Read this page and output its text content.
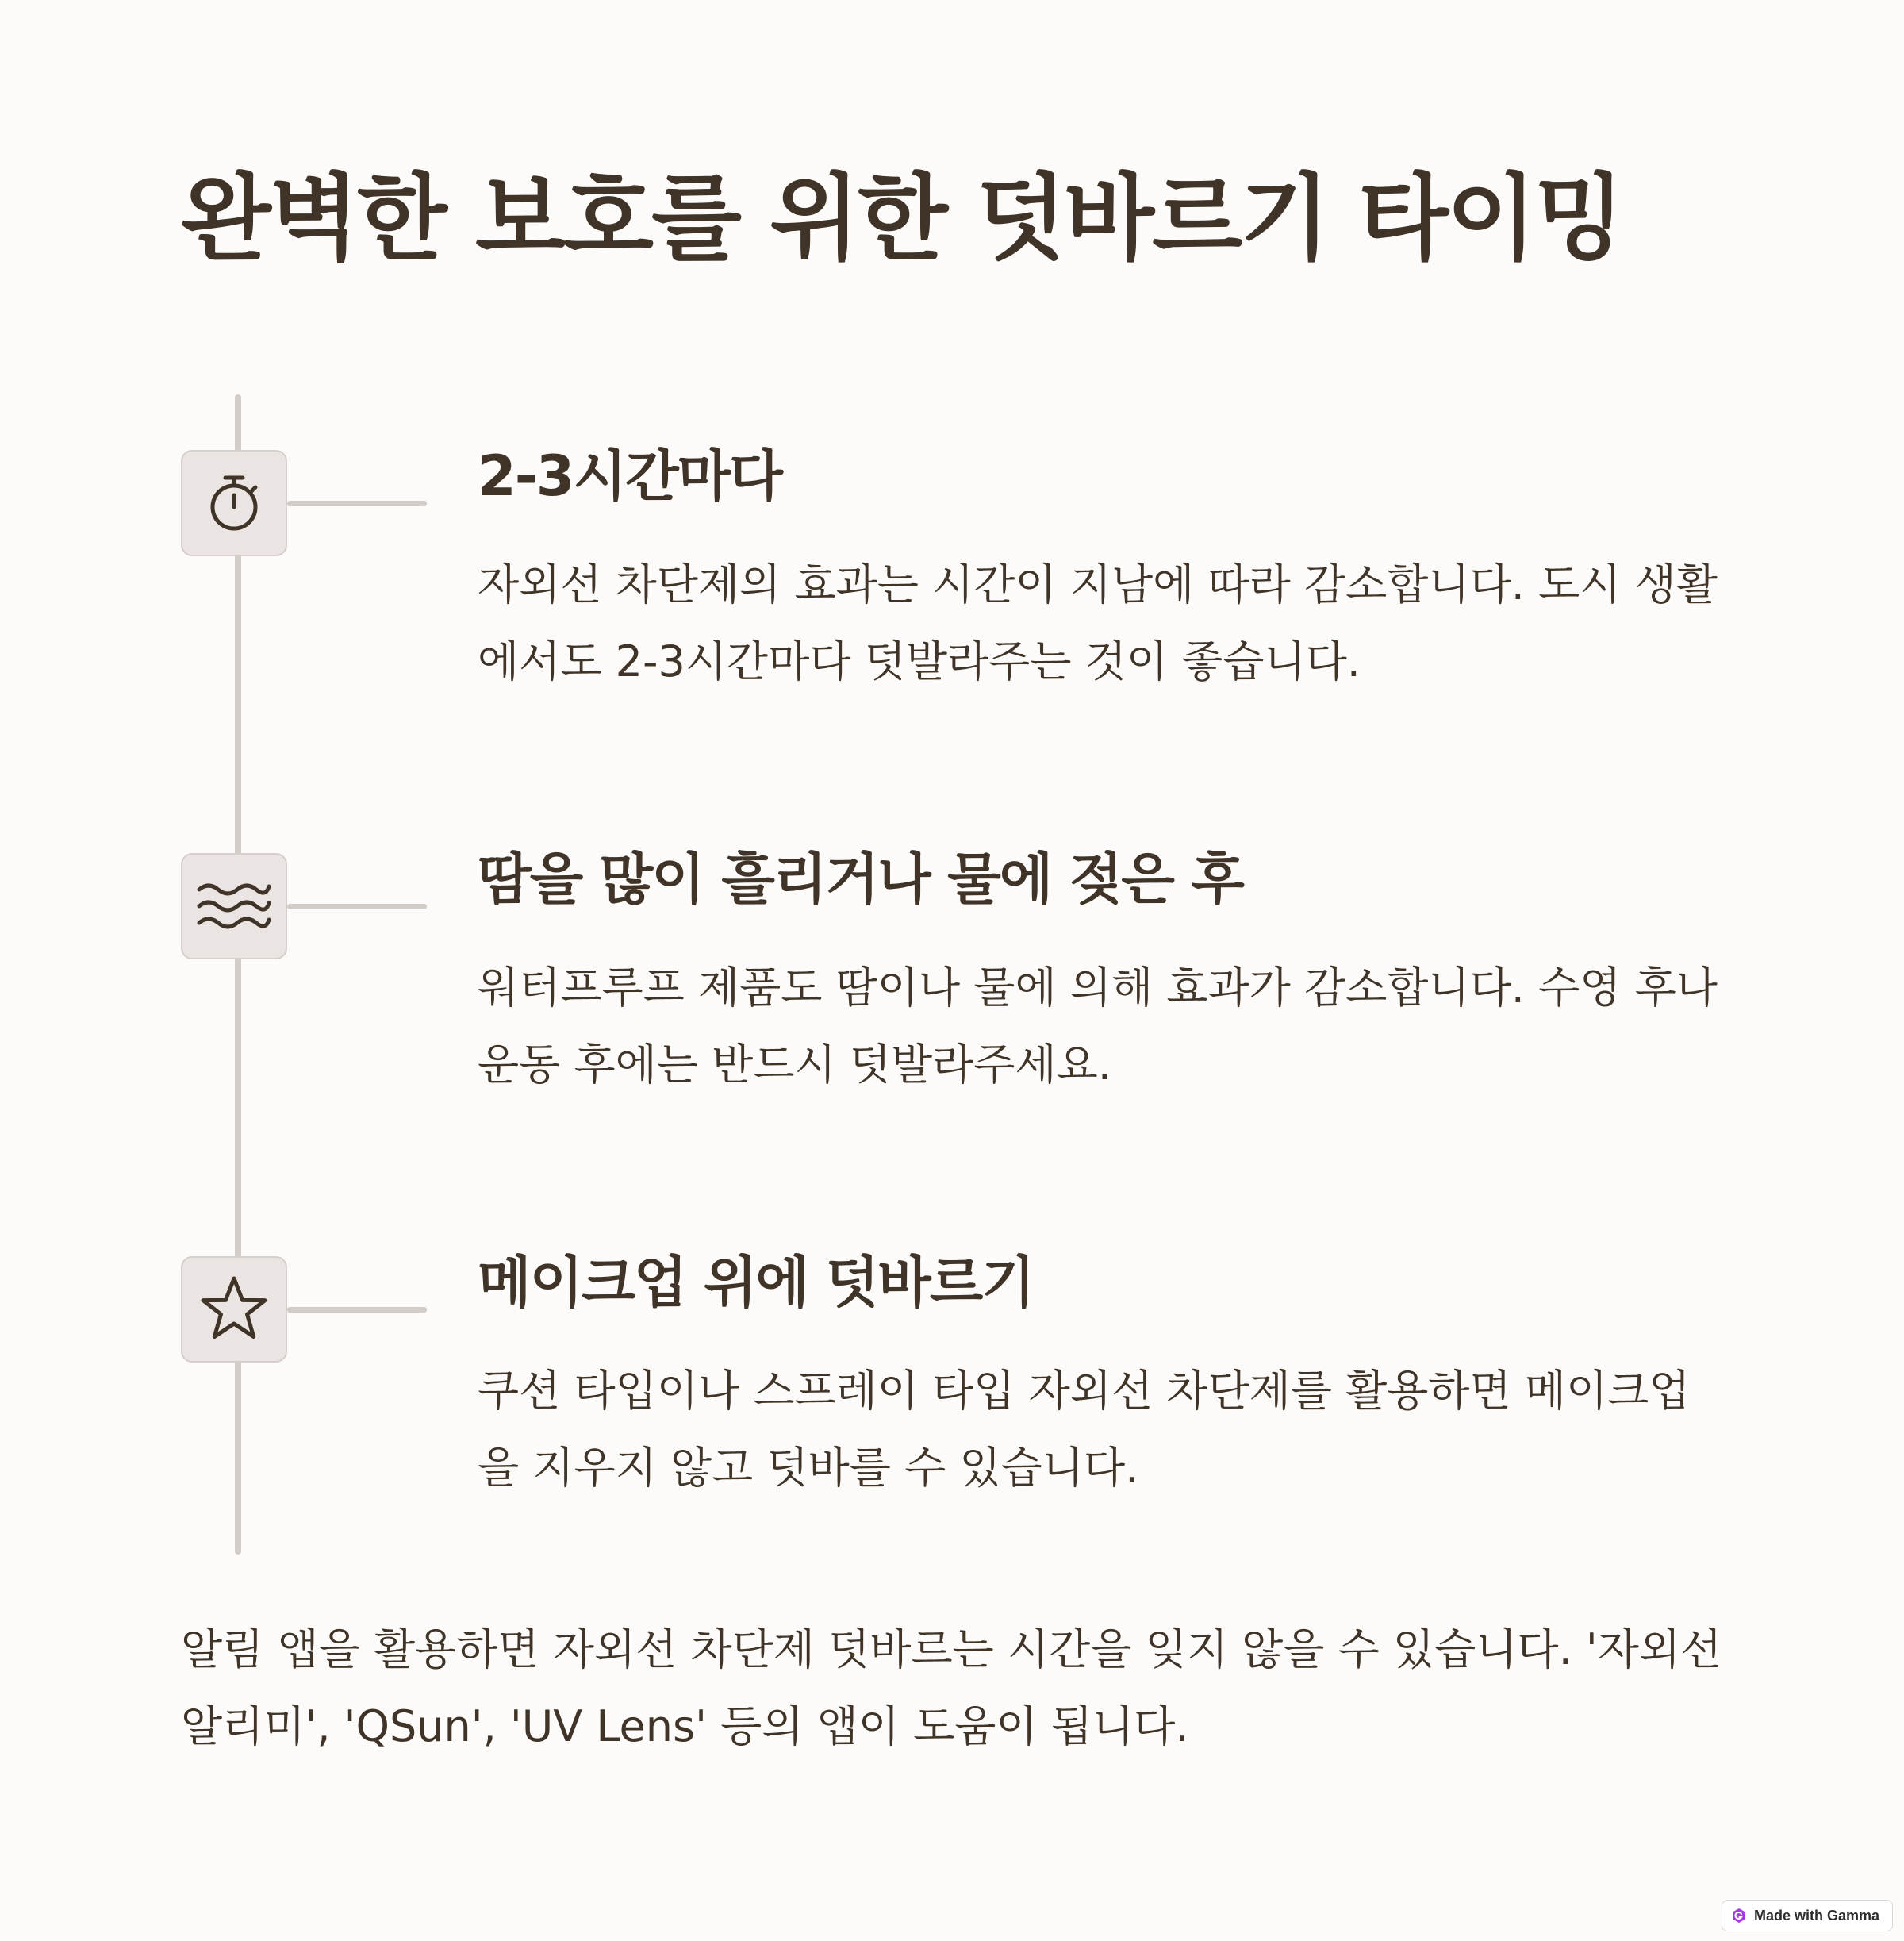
완벽한 보호를 위한 덧바르기 타이밍
2-3시간마다

자외선 차단제의 효과는 시간이 지남에 따라 감소합니다. 도시 생활에서도 2-3시간마다 덧발라주는 것이 좋습니다.

땀을 많이 흘리거나 물에 젖은 후

워터프루프 제품도 땀이나 물에 의해 효과가 감소합니다. 수영 후나 운동 후에는 반드시 덧발라주세요.

메이크업 위에 덧바르기

쿠션 타입이나 스프레이 타입 자외선 차단제를 활용하면 메이크업을 지우지 않고 덧바를 수 있습니다.

알림 앱을 활용하면 자외선 차단제 덧바르는 시간을 잊지 않을 수 있습니다. '자외선 알리미', 'QSun', 'UV Lens' 등의 앱이 도움이 됩니다.

Made with Gamma
